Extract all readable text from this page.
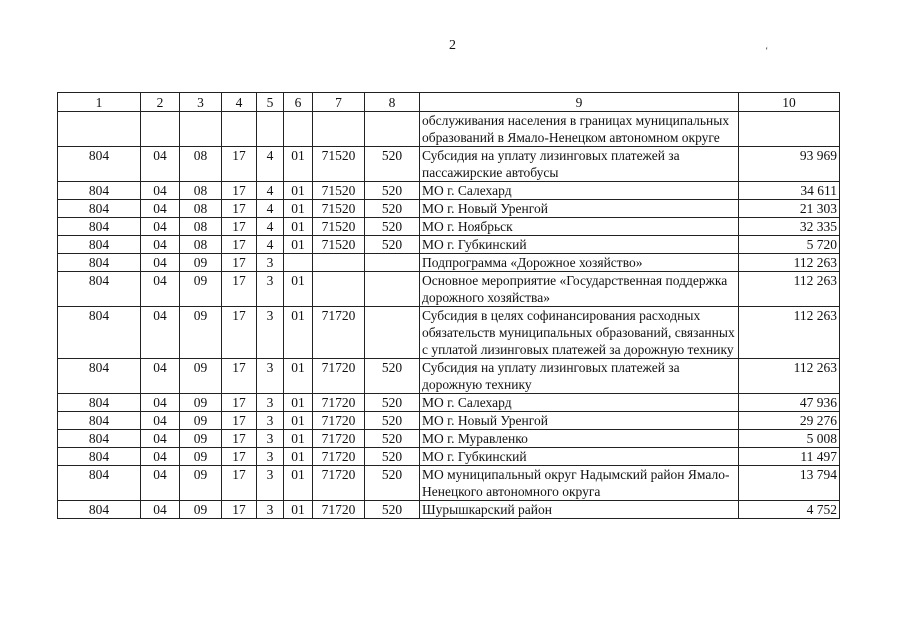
2	‘
1	2	3	4	5	6	7	8	9	10
								обслуживания населения в границах муниципальных образований в Ямало-Ненецком автономном округе	
804	04	08	17	4	01	71520	520	Субсидия на уплату лизинговых платежей за пассажирские автобусы	93 969
804	04	08	17	4	01	71520	520	МО г. Салехард	34 611
804	04	08	17	4	01	71520	520	МО г. Новый Уренгой	21 303
804	04	08	17	4	01	71520	520	МО г. Ноябрьск	32 335
804	04	08	17	4	01	71520	520	МО г. Губкинский	5 720
804	04	09	17	3				Подпрограмма «Дорожное хозяйство»	112 263
804	04	09	17	3	01			Основное мероприятие «Государственная поддержка дорожного хозяйства»	112 263
804	04	09	17	3	01	71720		Субсидия в целях софинансирования расходных обязательств муниципальных образований, связанных с уплатой лизинговых платежей за дорожную технику	112 263
804	04	09	17	3	01	71720	520	Субсидия на уплату лизинговых платежей за дорожную технику	112 263
804	04	09	17	3	01	71720	520	МО г. Салехард	47 936
804	04	09	17	3	01	71720	520	МО г. Новый Уренгой	29 276
804	04	09	17	3	01	71720	520	МО г. Муравленко	5 008
804	04	09	17	3	01	71720	520	МО г. Губкинский	11 497
804	04	09	17	3	01	71720	520	МО муниципальный округ Надымский район Ямало-Ненецкого автономного округа	13 794
804	04	09	17	3	01	71720	520	Шурышкарский район	4 752
